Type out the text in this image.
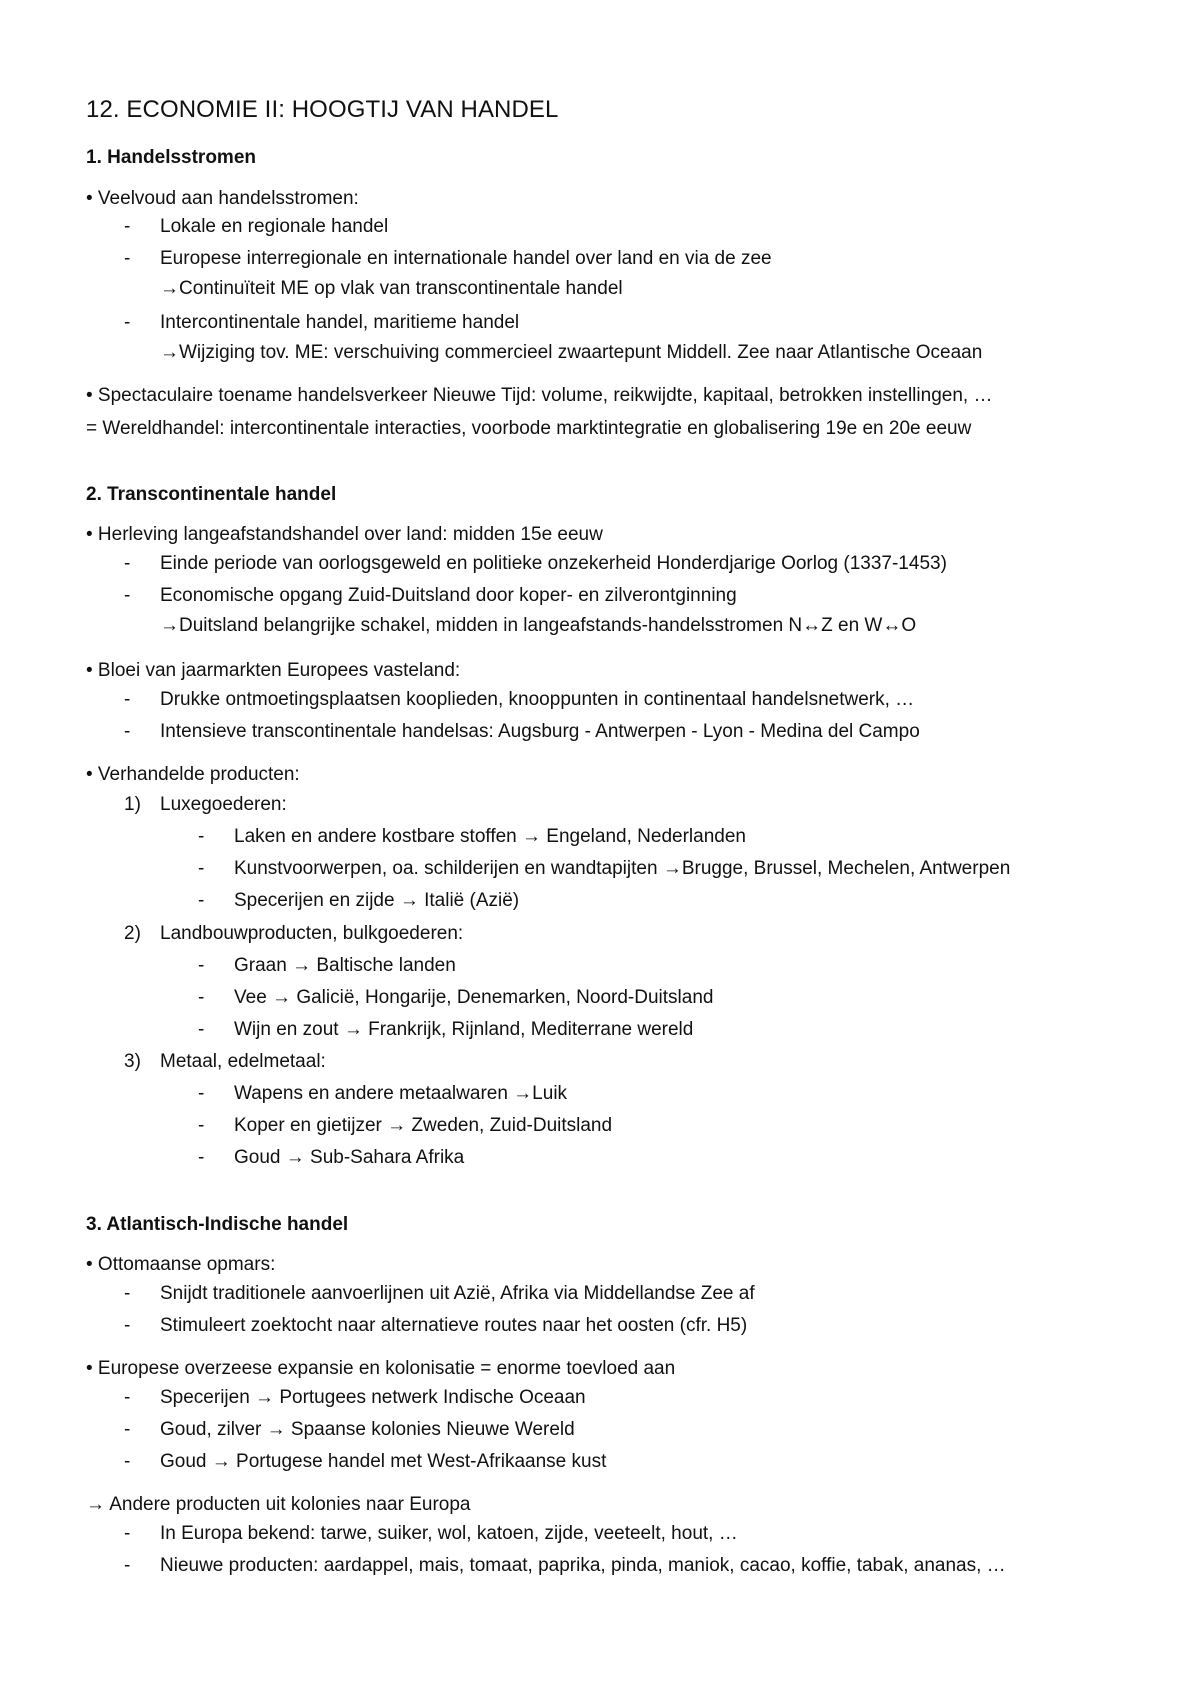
12. ECONOMIE II: HOOGTIJ VAN HANDEL
1. Handelsstromen
• Veelvoud aan handelsstromen:
- Lokale en regionale handel
- Europese interregionale en internationale handel over land en via de zee
→Continuïteit ME op vlak van transcontinentale handel
- Intercontinentale handel, maritieme handel
→Wijziging tov. ME: verschuiving commercieel zwaartepunt Middell. Zee naar Atlantische Oceaan
• Spectaculaire toename handelsverkeer Nieuwe Tijd: volume, reikwijdte, kapitaal, betrokken instellingen, …
= Wereldhandel: intercontinentale interacties, voorbode marktintegratie en globalisering 19e en 20e eeuw
2. Transcontinentale handel
• Herleving langeafstandshandel over land: midden 15e eeuw
- Einde periode van oorlogsgeweld en politieke onzekerheid Honderdjarige Oorlog (1337-1453)
- Economische opgang Zuid-Duitsland door koper- en zilverontginning
→Duitsland belangrijke schakel, midden in langeafstands-handelsstromen N↔Z en W↔O
• Bloei van jaarmarkten Europees vasteland:
- Drukke ontmoetingsplaatsen kooplieden, knooppunten in continentaal handelsnetwerk, …
- Intensieve transcontinentale handelsas: Augsburg - Antwerpen - Lyon - Medina del Campo
• Verhandelde producten:
1) Luxegoederen:
- Laken en andere kostbare stoffen → Engeland, Nederlanden
- Kunstvoorwerpen, oa. schilderijen en wandtapijten →Brugge, Brussel, Mechelen, Antwerpen
- Specerijen en zijde → Italië (Azië)
2) Landbouwproducten, bulkgoederen:
- Graan → Baltische landen
- Vee → Galicië, Hongarije, Denemarken, Noord-Duitsland
- Wijn en zout → Frankrijk, Rijnland, Mediterrane wereld
3) Metaal, edelmetaal:
- Wapens en andere metaalwaren →Luik
- Koper en gietijzer → Zweden, Zuid-Duitsland
- Goud → Sub-Sahara Afrika
3. Atlantisch-Indische handel
• Ottomaanse opmars:
- Snijdt traditionele aanvoerlijnen uit Azië, Afrika via Middellandse Zee af
- Stimuleert zoektocht naar alternatieve routes naar het oosten (cfr. H5)
• Europese overzeese expansie en kolonisatie = enorme toevloed aan
- Specerijen → Portugees netwerk Indische Oceaan
- Goud, zilver → Spaanse kolonies Nieuwe Wereld
- Goud → Portugese handel met West-Afrikaanse kust
→ Andere producten uit kolonies naar Europa
- In Europa bekend: tarwe, suiker, wol, katoen, zijde, veeteelt, hout, …
- Nieuwe producten: aardappel, mais, tomaat, paprika, pinda, maniok, cacao, koffie, tabak, ananas, …
